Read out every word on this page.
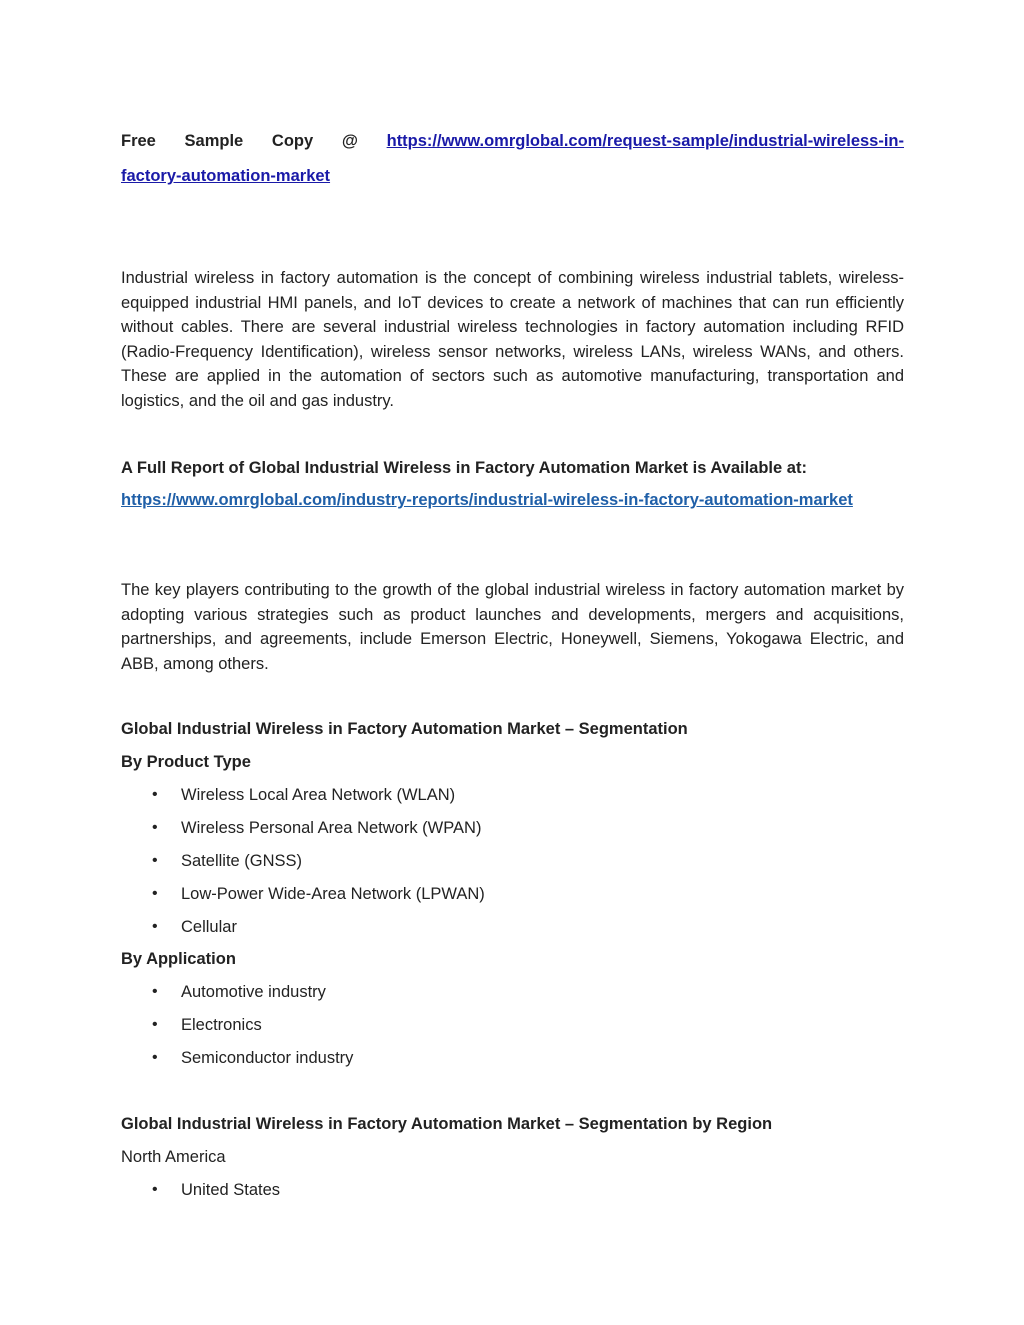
Free Sample Copy @ https://www.omrglobal.com/request-sample/industrial-wireless-in-
factory-automation-market
Industrial wireless in factory automation is the concept of combining wireless industrial tablets, wireless-equipped industrial HMI panels, and IoT devices to create a network of machines that can run efficiently without cables. There are several industrial wireless technologies in factory automation including RFID (Radio-Frequency Identification), wireless sensor networks, wireless LANs, wireless WANs, and others. These are applied in the automation of sectors such as automotive manufacturing, transportation and logistics, and the oil and gas industry.
A Full Report of Global Industrial Wireless in Factory Automation Market is Available at:
https://www.omrglobal.com/industry-reports/industrial-wireless-in-factory-automation-market
The key players contributing to the growth of the global industrial wireless in factory automation market by adopting various strategies such as product launches and developments, mergers and acquisitions, partnerships, and agreements, include Emerson Electric, Honeywell, Siemens, Yokogawa Electric, and ABB, among others.
Global Industrial Wireless in Factory Automation Market – Segmentation
By Product Type
• Wireless Local Area Network (WLAN)
• Wireless Personal Area Network (WPAN)
• Satellite (GNSS)
• Low-Power Wide-Area Network (LPWAN)
• Cellular
By Application
• Automotive industry
• Electronics
• Semiconductor industry
Global Industrial Wireless in Factory Automation Market – Segmentation by Region
North America
• United States
